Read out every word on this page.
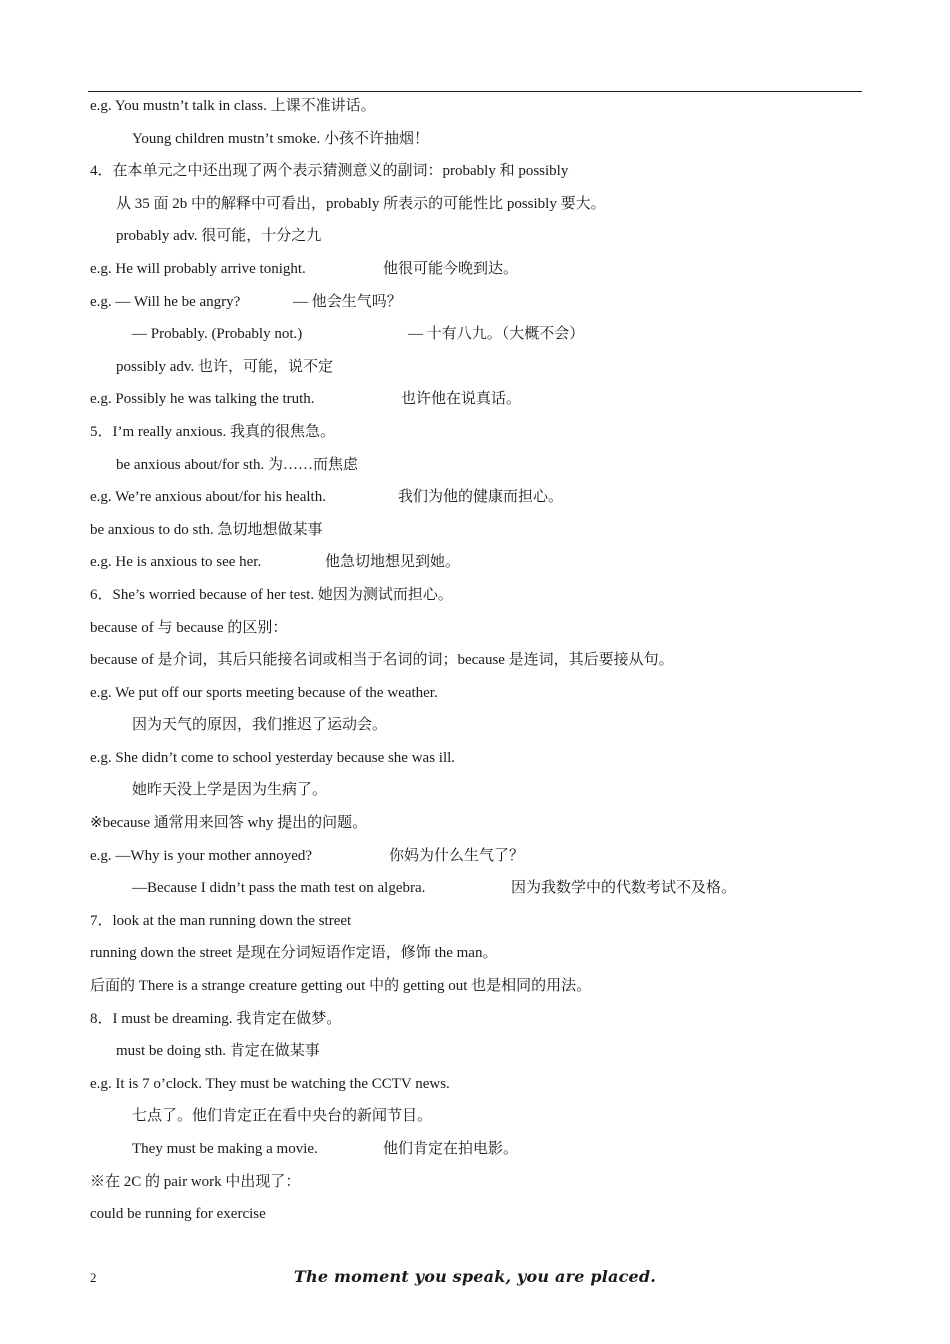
e.g. You mustn’t talk in class. 上课不准讲话。
Young children mustn’t smoke. 小孩不许抽烟！
4．在本单元之中还出现了两个表示猜测意义的副词：probably 和 possibly
从 35 面 2b 中的解释中可看出，probably 所表示的可能性比 possibly 要大。
probably adv. 很可能，十分之九
e.g. He will probably arrive tonight.	他很可能今晚到达。
e.g. — Will he be angry?	— 他会生气吗？
— Probably. (Probably not.)	— 十有八九。（大概不会）
possibly adv. 也许，可能，说不定
e.g. Possibly he was talking the truth.	也许他在说真话。
5．I’m really anxious. 我真的很焦急。
be anxious about/for sth. 为……而焦虑
e.g. We’re anxious about/for his health.	我们为他的健康而担心。
be anxious to do sth. 急切地想做某事
e.g. He is anxious to see her.	他急切地想见到她。
6．She’s worried because of her test. 她因为测试而担心。
because of 与 because 的区别：
because of 是介词，其后只能接名词或相当于名词的词；because 是连词，其后要接从句。
e.g. We put off our sports meeting because of the weather.
因为天气的原因，我们推迟了运动会。
e.g. She didn’t come to school yesterday because she was ill.
她昨天没上学是因为生病了。
※because 通常用来回答 why 提出的问题。
e.g. —Why is your mother annoyed?	你妈为什么生气了？
—Because I didn’t pass the math test on algebra.	因为我数学中的代数考试不及格。
7．look at the man running down the street
running down the street 是现在分词短语作定语，修饰 the man。
后面的 There is a strange creature getting out 中的 getting out 也是相同的用法。
8．I must be dreaming. 我肯定在做梦。
must be doing sth. 肯定在做某事
e.g. It is 7 o’clock. They must be watching the CCTV news.
七点了。他们肯定正在看中央台的新闻节目。
They must be making a movie.	他们肯定在拍电影。
※在 2C 的 pair work 中出现了：
could be running for exercise
2	The moment you speak, you are placed.
